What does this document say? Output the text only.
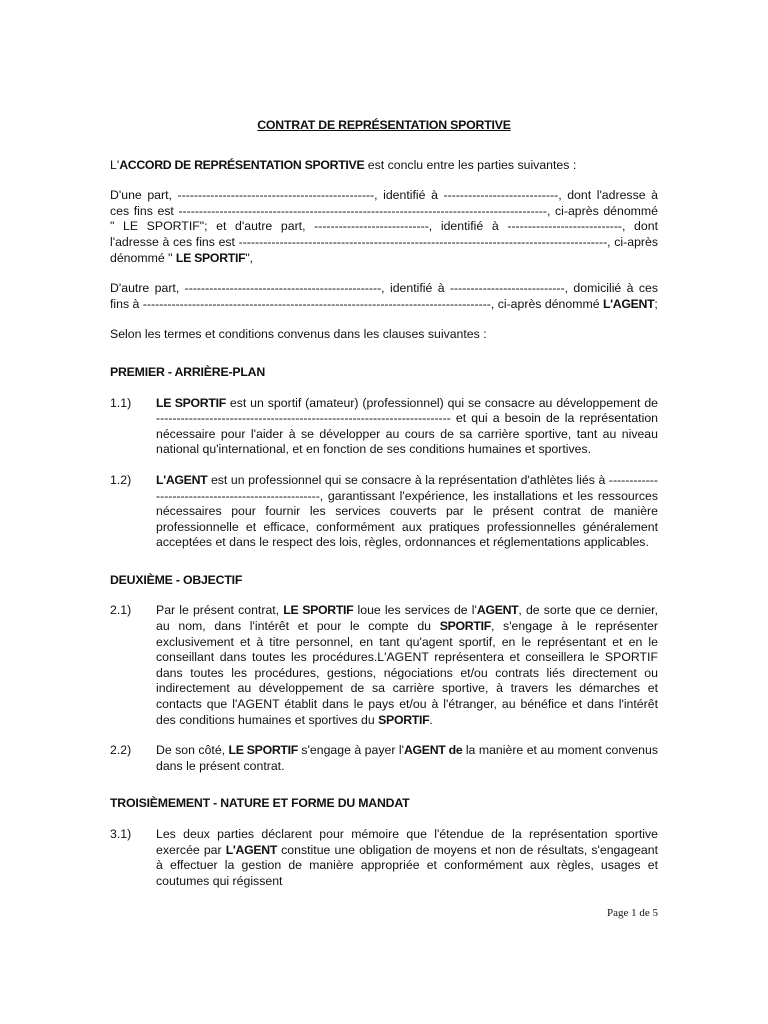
CONTRAT DE REPRÉSENTATION SPORTIVE

L'ACCORD DE REPRÉSENTATION SPORTIVE est conclu entre les parties suivantes :

D'une part, ------------------------------------------------, identifié à ----------------------------, dont l'adresse à ces fins est ------------------------------------------------------------------------------------------, ci-après dénommé " LE SPORTIF"; et d'autre part, ----------------------------, identifié à ----------------------------, dont l'adresse à ces fins est ------------------------------------------------------------------------------------------, ci-après dénommé " LE SPORTIF",

D'autre part, ------------------------------------------------, identifié à ----------------------------, domicilié à ces fins à -------------------------------------------------------------------------------------, ci-après dénommé L'AGENT;

Selon les termes et conditions convenus dans les clauses suivantes :

PREMIER - ARRIÈRE-PLAN

1.1)	LE SPORTIF est un sportif (amateur) (professionnel) qui se consacre au développement de ------------------------------------------------------------------------ et qui a besoin de la représentation nécessaire pour l'aider à se développer au cours de sa carrière sportive, tant au niveau national qu'international, et en fonction de ses conditions humaines et sportives.

1.2)	L'AGENT est un professionnel qui se consacre à la représentation d'athlètes liés à ----------------------------------------------------, garantissant l'expérience, les installations et les ressources nécessaires pour fournir les services couverts par le présent contrat de manière professionnelle et efficace, conformément aux pratiques professionnelles généralement acceptées et dans le respect des lois, règles, ordonnances et réglementations applicables.

DEUXIÈME - OBJECTIF

2.1)	Par le présent contrat, LE SPORTIF loue les services de l'AGENT, de sorte que ce dernier, au nom, dans l'intérêt et pour le compte du SPORTIF, s'engage à le représenter exclusivement et à titre personnel, en tant qu'agent sportif, en le représentant et en le conseillant dans toutes les procédures.L'AGENT représentera et conseillera le SPORTIF dans toutes les procédures, gestions, négociations et/ou contrats liés directement ou indirectement au développement de sa carrière sportive, à travers les démarches et contacts que l'AGENT établit dans le pays et/ou à l'étranger, au bénéfice et dans l'intérêt des conditions humaines et sportives du SPORTIF.

2.2)	De son côté, LE SPORTIF s'engage à payer l'AGENT de la manière et au moment convenus dans le présent contrat.

TROISIÈMEMENT - NATURE ET FORME DU MANDAT

3.1)	Les deux parties déclarent pour mémoire que l'étendue de la représentation sportive exercée par L'AGENT constitue une obligation de moyens et non de résultats, s'engageant à effectuer la gestion de manière appropriée et conformément aux règles, usages et coutumes qui régissent

Page 1 de 5
